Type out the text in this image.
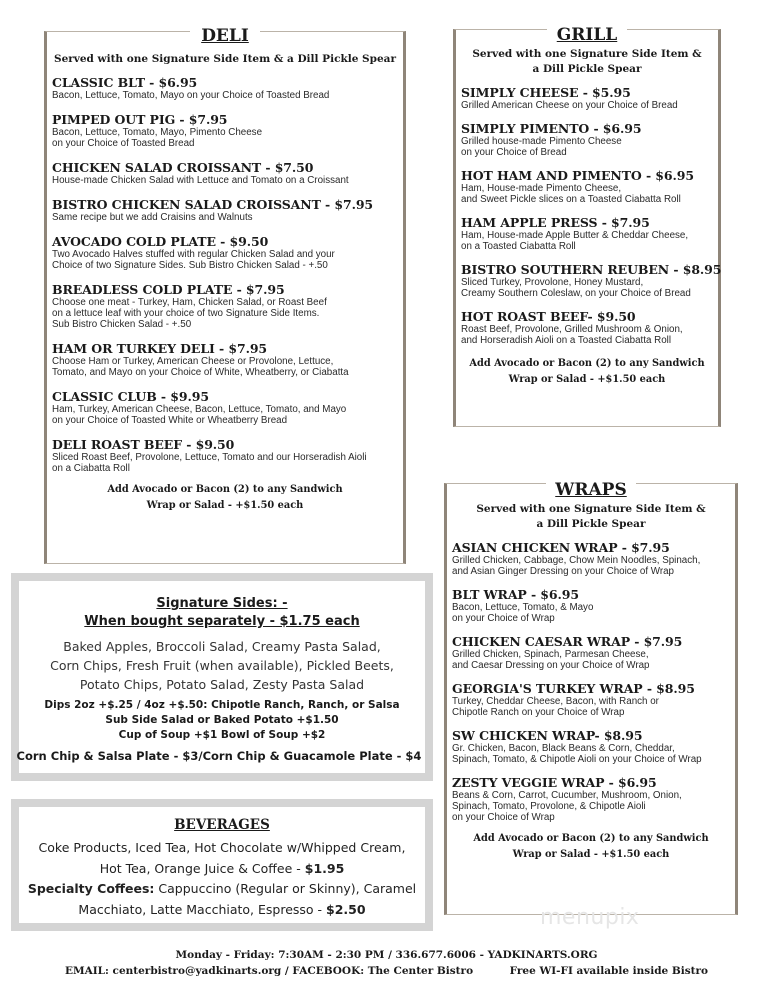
DELI
Served with one Signature Side Item & a Dill Pickle Spear
CLASSIC BLT - $6.95
Bacon, Lettuce, Tomato, Mayo on your Choice of Toasted Bread
PIMPED OUT PIG - $7.95
Bacon, Lettuce, Tomato, Mayo, Pimento Cheese
on your Choice of Toasted Bread
CHICKEN SALAD CROISSANT - $7.50
House-made Chicken Salad with Lettuce and Tomato on a Croissant
BISTRO CHICKEN SALAD CROISSANT - $7.95
Same recipe but we add Craisins and Walnuts
AVOCADO COLD PLATE - $9.50
Two Avocado Halves stuffed with regular Chicken Salad and your
Choice of two Signature Sides. Sub Bistro Chicken Salad - +.50
BREADLESS COLD PLATE - $7.95
Choose one meat - Turkey, Ham, Chicken Salad, or Roast Beef
on a lettuce leaf with your choice of two Signature Side Items.
Sub Bistro Chicken Salad - +.50
HAM OR TURKEY DELI - $7.95
Choose Ham or Turkey, American Cheese or Provolone, Lettuce,
Tomato, and Mayo on your Choice of White, Wheatberry, or Ciabatta
CLASSIC CLUB - $9.95
Ham, Turkey, American Cheese, Bacon, Lettuce, Tomato, and Mayo
on your Choice of Toasted White or Wheatberry Bread
DELI ROAST BEEF - $9.50
Sliced Roast Beef, Provolone, Lettuce, Tomato and our Horseradish Aioli
on a Ciabatta Roll
Add Avocado or Bacon (2) to any Sandwich
Wrap or Salad - +$1.50 each
GRILL
Served with one Signature Side Item &
a Dill Pickle Spear
SIMPLY CHEESE - $5.95
Grilled American Cheese on your Choice of Bread
SIMPLY PIMENTO - $6.95
Grilled house-made Pimento Cheese
on your Choice of Bread
HOT HAM AND PIMENTO - $6.95
Ham, House-made Pimento Cheese,
and Sweet Pickle slices on a Toasted Ciabatta Roll
HAM APPLE PRESS - $7.95
Ham, House-made Apple Butter & Cheddar Cheese,
on a Toasted Ciabatta Roll
BISTRO SOUTHERN REUBEN - $8.95
Sliced Turkey, Provolone, Honey Mustard,
Creamy Southern Coleslaw, on your Choice of Bread
HOT ROAST BEEF- $9.50
Roast Beef, Provolone, Grilled Mushroom & Onion,
and Horseradish Aioli on a Toasted Ciabatta Roll
Add Avocado or Bacon (2) to any Sandwich
Wrap or Salad - +$1.50 each
WRAPS
Served with one Signature Side Item &
a Dill Pickle Spear
ASIAN CHICKEN WRAP - $7.95
Grilled Chicken, Cabbage, Chow Mein Noodles, Spinach,
and Asian Ginger Dressing on your Choice of Wrap
BLT WRAP - $6.95
Bacon, Lettuce, Tomato, & Mayo
on your Choice of Wrap
CHICKEN CAESAR WRAP - $7.95
Grilled Chicken, Spinach, Parmesan Cheese,
and Caesar Dressing on your Choice of Wrap
GEORGIA'S TURKEY WRAP - $8.95
Turkey, Cheddar Cheese, Bacon, with Ranch or
Chipotle Ranch on your Choice of Wrap
SW CHICKEN WRAP- $8.95
Gr. Chicken, Bacon, Black Beans & Corn, Cheddar,
Spinach, Tomato, & Chipotle Aioli on your Choice of Wrap
ZESTY VEGGIE WRAP - $6.95
Beans & Corn, Carrot, Cucumber, Mushroom, Onion,
Spinach, Tomato, Provolone, & Chipotle Aioli
on your Choice of Wrap
Add Avocado or Bacon (2) to any Sandwich
Wrap or Salad - +$1.50 each
Signature Sides: -
When bought separately - $1.75 each
Baked Apples, Broccoli Salad, Creamy Pasta Salad,
Corn Chips, Fresh Fruit (when available), Pickled Beets,
Potato Chips, Potato Salad, Zesty Pasta Salad
Dips 2oz +$.25 / 4oz +$.50: Chipotle Ranch, Ranch, or Salsa
Sub Side Salad or Baked Potato +$1.50
Cup of Soup +$1 Bowl of Soup +$2
Corn Chip & Salsa Plate - $3/Corn Chip & Guacamole Plate - $4
BEVERAGES
Coke Products, Iced Tea, Hot Chocolate w/Whipped Cream,
Hot Tea, Orange Juice & Coffee - $1.95
Specialty Coffees: Cappuccino (Regular or Skinny), Caramel
Macchiato, Latte Macchiato, Espresso - $2.50	menupix
Monday - Friday: 7:30AM - 2:30 PM / 336.677.6006 - YADKINARTS.ORG
EMAIL: centerbistro@yadkinarts.org / FACEBOOK: The Center Bistro          Free WI-FI available inside Bistro
